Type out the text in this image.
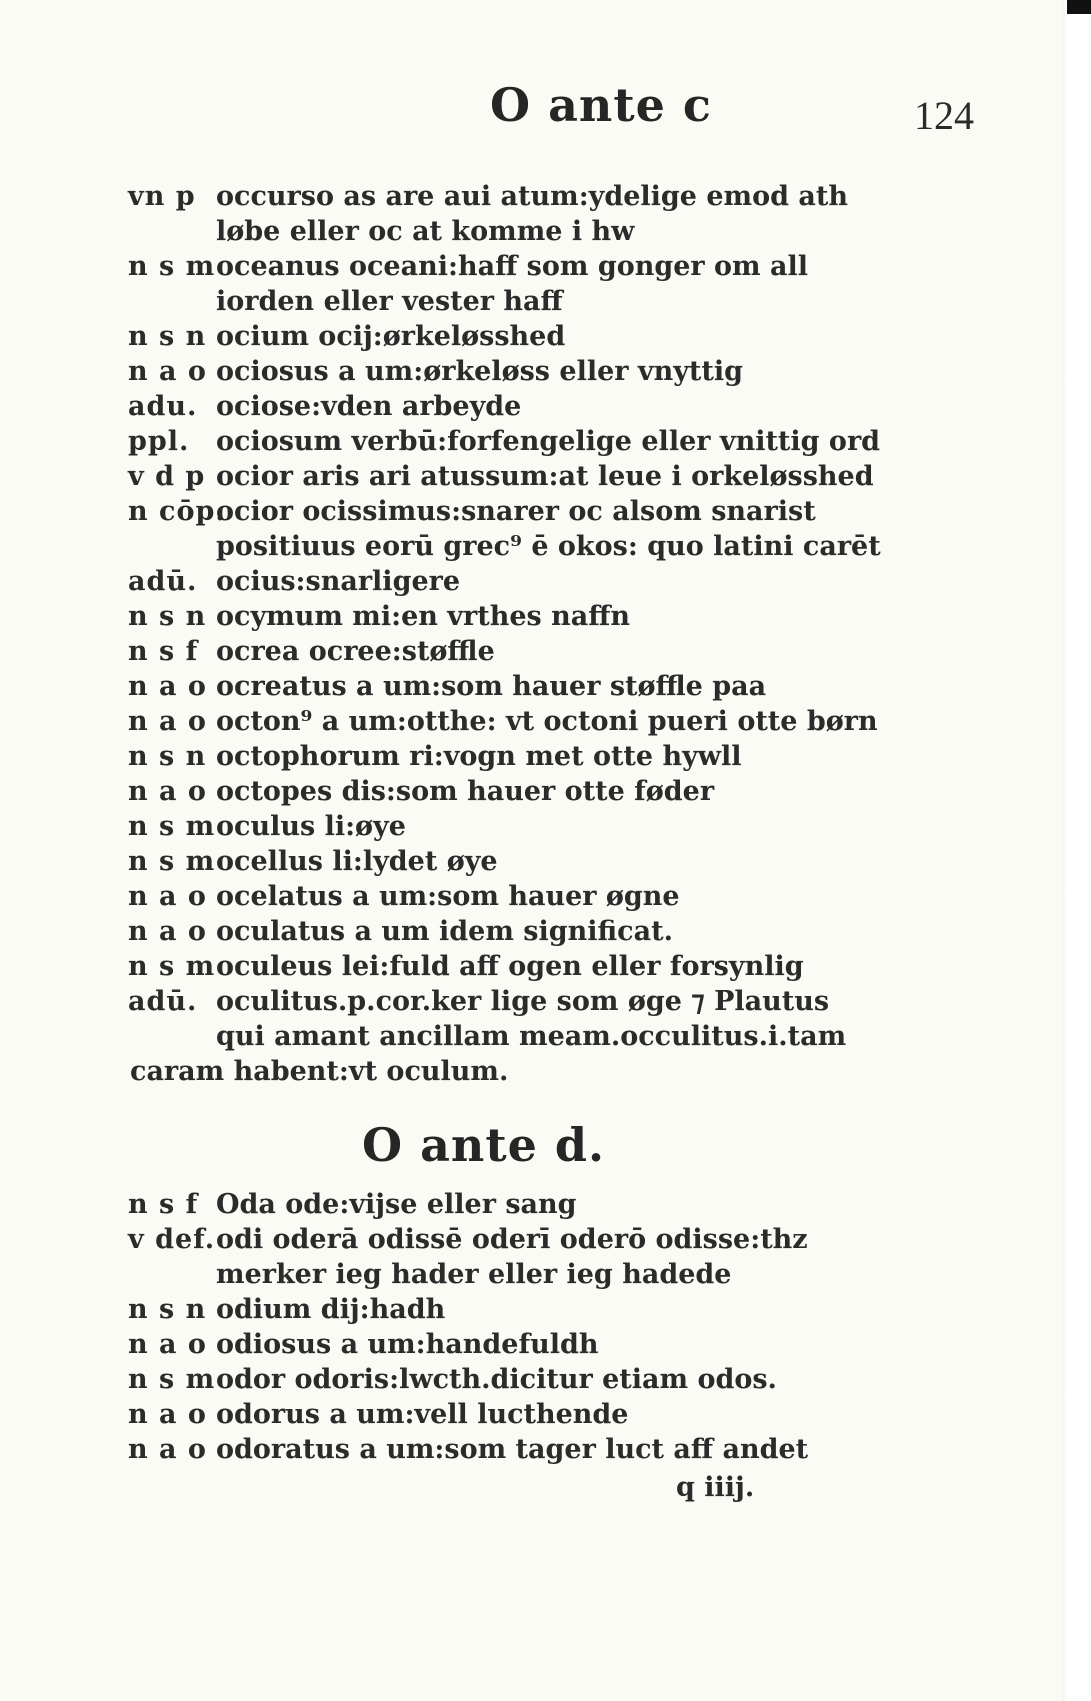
O ante c	124
vn p occurso as are aui atum:ydelige emod ath
løbe eller oc at komme i hw
n s m oceanus oceani:haff som gonger om all
iorden eller vester haff
n s n ocium ocij:ørkeløsshed
n a o ociosus a um:ørkeløss eller vnyttig
adu. ociose:vden arbeyde
ppl. ociosum verbū:forfengelige eller vnittig ord
v d p ocior aris ari atussum:at leue i orkeløsshed
n cōp.
ocior ocissimus:snarer oc alsom snarist
positiuus eorū grec⁹ ē okos: quo latini carēt
adū. ocius:snarligere
n s n ocymum mi:en vrthes naffn
n s f ocrea ocree:støffle
n a o ocreatus a um:som hauer støffle paa
n a o octon⁹ a um:otthe: vt octoni pueri otte børn
n s n octophorum ri:vogn met otte hywll
n a o octopes dis:som hauer otte føder
n s m oculus li:øye
n s m ocellus li:lydet øye
n a o ocelatus a um:som hauer øgne
n a o oculatus a um idem significat.
n s m oculeus lei:fuld aff ogen eller forsynlig
adū. oculitus.p.cor.ker lige som øge ⁊ Plautus
qui amant ancillam meam.occulitus.i.tam
caram habent:vt oculum.
O ante d.
n s f Oda ode:vijse eller sang
v def. odi oderā odissē oderī oderō odisse:thz
merker ieg hader eller ieg hadede
n s n odium dij:hadh
n a o odiosus a um:handefuldh
n s m odor odoris:lwcth.dicitur etiam odos.
n a o odorus a um:vell lucthende
n a o odoratus a um:som tager luct aff andet
q iiij.
